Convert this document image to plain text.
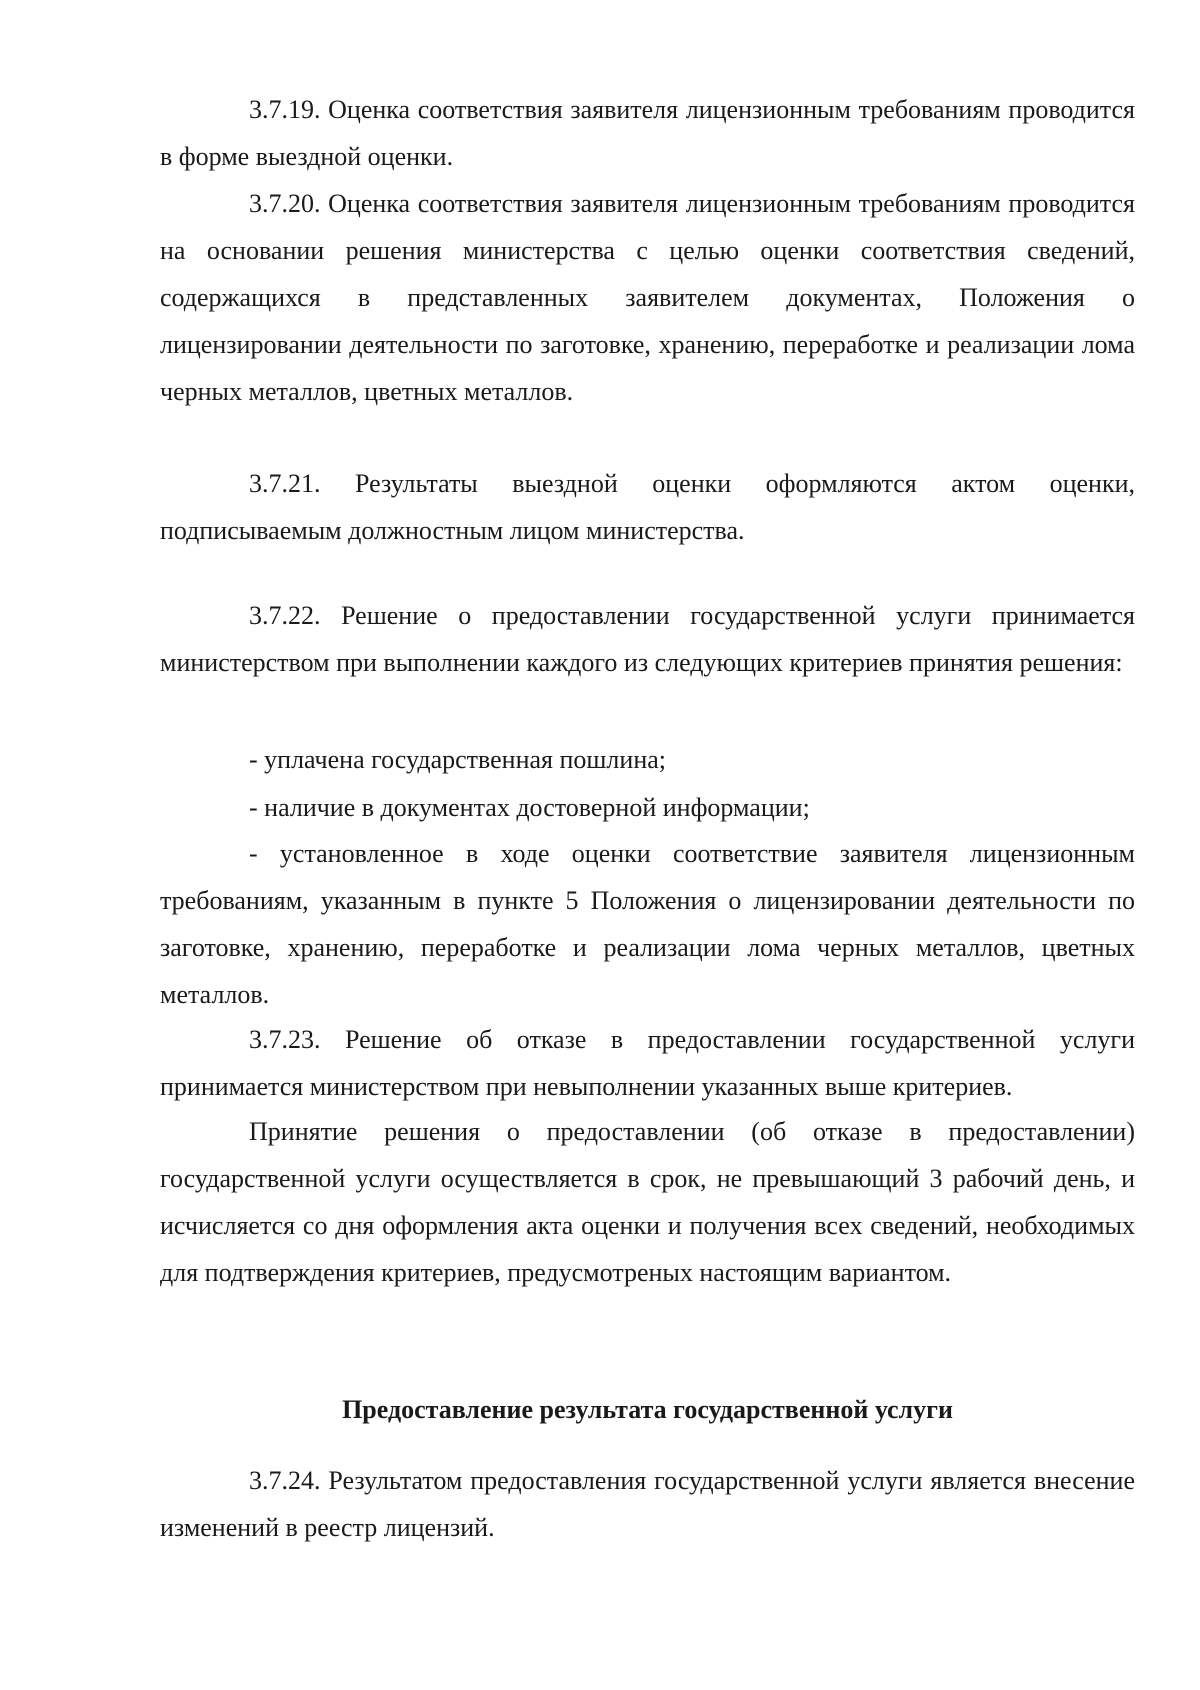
3.7.19. Оценка соответствия заявителя лицензионным требованиям проводится в форме выездной оценки.

3.7.20. Оценка соответствия заявителя лицензионным требованиям проводится на основании решения министерства с целью оценки соответствия сведений, содержащихся в представленных заявителем документах, Положения о лицензировании деятельности по заготовке, хранению, переработке и реализации лома черных металлов, цветных металлов.

3.7.21. Результаты выездной оценки оформляются актом оценки, подписываемым должностным лицом министерства.

3.7.22. Решение о предоставлении государственной услуги принимается министерством при выполнении каждого из следующих критериев принятия решения:

- уплачена государственная пошлина;

- наличие в документах достоверной информации;

- установленное в ходе оценки соответствие заявителя лицензионным требованиям, указанным в пункте 5 Положения о лицензировании деятельности по заготовке, хранению, переработке и реализации лома черных металлов, цветных металлов.

3.7.23. Решение об отказе в предоставлении государственной услуги принимается министерством при невыполнении указанных выше критериев.

Принятие решения о предоставлении (об отказе в предоставлении) государственной услуги осуществляется в срок, не превышающий 3 рабочий день, и исчисляется со дня оформления акта оценки и получения всех сведений, необходимых для подтверждения критериев, предусмотреных настоящим вариантом.

Предоставление результата государственной услуги

3.7.24. Результатом предоставления государственной услуги является внесение изменений в реестр лицензий.
